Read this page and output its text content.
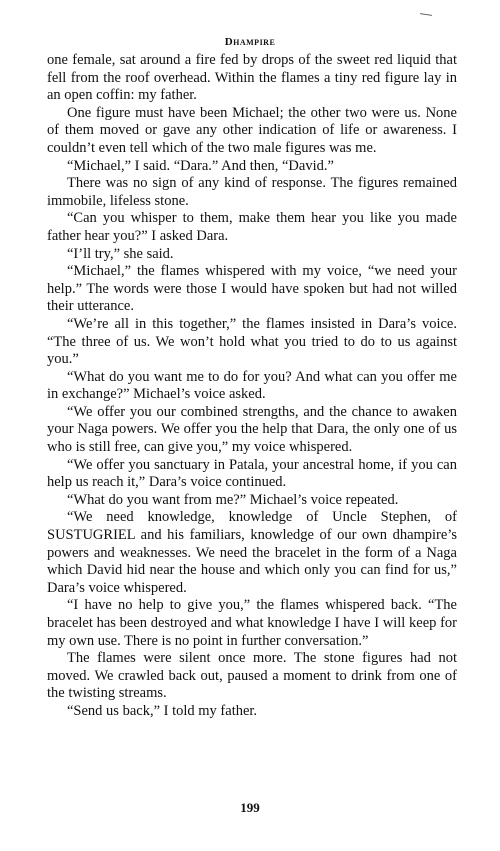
Dhampire

one female, sat around a fire fed by drops of the sweet red liquid that fell from the roof overhead. Within the flames a tiny red figure lay in an open coffin: my father.

One figure must have been Michael; the other two were us. None of them moved or gave any other indication of life or awareness. I couldn’t even tell which of the two male figures was me.

“Michael,” I said. “Dara.” And then, “David.”

There was no sign of any kind of response. The figures remained immobile, lifeless stone.

“Can you whisper to them, make them hear you like you made father hear you?” I asked Dara.

“I’ll try,” she said.

“Michael,” the flames whispered with my voice, “we need your help.” The words were those I would have spoken but had not willed their utterance.

“We’re all in this together,” the flames insisted in Dara’s voice. “The three of us. We won’t hold what you tried to do to us against you.”

“What do you want me to do for you? And what can you offer me in exchange?” Michael’s voice asked.

“We offer you our combined strengths, and the chance to awaken your Naga powers. We offer you the help that Dara, the only one of us who is still free, can give you,” my voice whispered.

“We offer you sanctuary in Patala, your ancestral home, if you can help us reach it,” Dara’s voice continued.

“What do you want from me?” Michael’s voice repeated.

“We need knowledge, knowledge of Uncle Stephen, of SUSTUGRIEL and his familiars, knowledge of our own dhampire’s powers and weaknesses. We need the bracelet in the form of a Naga which David hid near the house and which only you can find for us,” Dara’s voice whispered.

“I have no help to give you,” the flames whispered back. “The bracelet has been destroyed and what knowledge I have I will keep for my own use. There is no point in further conversation.”

The flames were silent once more. The stone figures had not moved. We crawled back out, paused a moment to drink from one of the twisting streams.

“Send us back,” I told my father.

199
